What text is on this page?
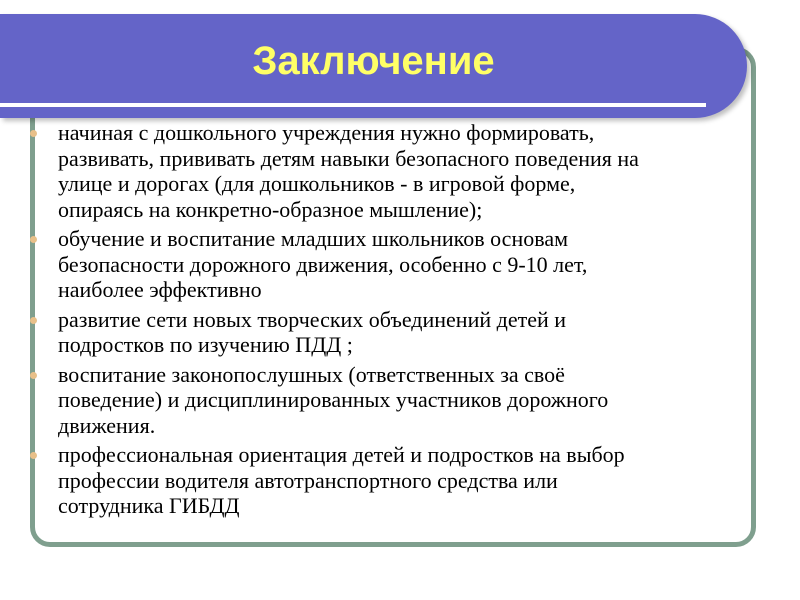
Заключение
начиная с дошкольного учреждения нужно формировать,
развивать, прививать детям навыки безопасного поведения на
улице и дорогах (для дошкольников - в игровой форме,
опираясь на конкретно-образное мышление);
обучение и воспитание младших школьников основам
безопасности дорожного движения, особенно с 9-10 лет,
наиболее эффективно
развитие сети новых творческих объединений детей и
подростков по изучению ПДД ;
воспитание законопослушных (ответственных за своё
поведение) и дисциплинированных участников дорожного
движения.
профессиональная ориентация детей и подростков на выбор
профессии водителя автотранспортного средства или
сотрудника ГИБДД
